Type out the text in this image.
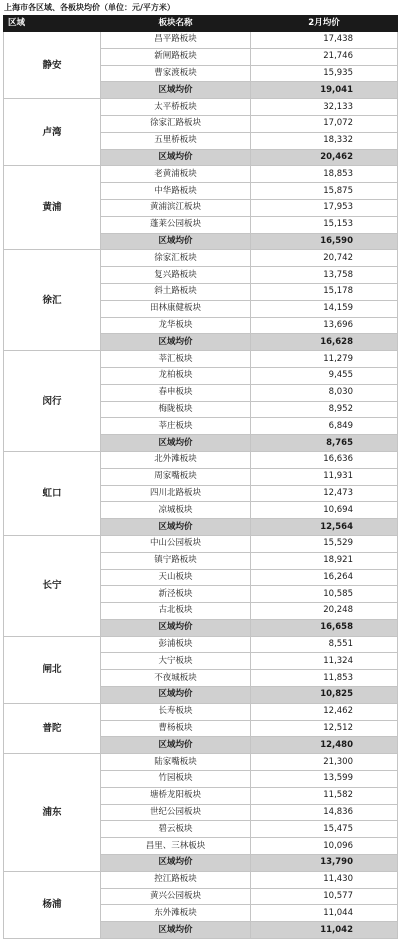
上海市各区域、各板块均价（单位：元/平方米）
区域	板块名称	2月均价
静安	昌平路板块	17,438
	新闸路板块	21,746
	曹家渡板块	15,935
	区域均价	19,041
卢湾	太平桥板块	32,133
	徐家汇路板块	17,072
	五里桥板块	18,332
	区域均价	20,462
黄浦	老黄浦板块	18,853
	中华路板块	15,875
	黄浦滨江板块	17,953
	蓬莱公园板块	15,153
	区域均价	16,590
徐汇	徐家汇板块	20,742
	复兴路板块	13,758
	斜土路板块	15,178
	田林康健板块	14,159
	龙华板块	13,696
	区域均价	16,628
闵行	莘汇板块	11,279
	龙柏板块	9,455
	春申板块	8,030
	梅陇板块	8,952
	莘庄板块	6,849
	区域均价	8,765
虹口	北外滩板块	16,636
	周家嘴板块	11,931
	四川北路板块	12,473
	凉城板块	10,694
	区域均价	12,564
长宁	中山公园板块	15,529
	镇宁路板块	18,921
	天山板块	16,264
	新泾板块	10,585
	古北板块	20,248
	区域均价	16,658
闸北	彭浦板块	8,551
	大宁板块	11,324
	不夜城板块	11,853
	区域均价	10,825
普陀	长寿板块	12,462
	曹杨板块	12,512
	区域均价	12,480
浦东	陆家嘴板块	21,300
	竹园板块	13,599
	塘桥龙阳板块	11,582
	世纪公园板块	14,836
	碧云板块	15,475
	昌里、三林板块	10,096
	区域均价	13,790
杨浦	控江路板块	11,430
	黄兴公园板块	10,577
	东外滩板块	11,044
	区域均价	11,042
